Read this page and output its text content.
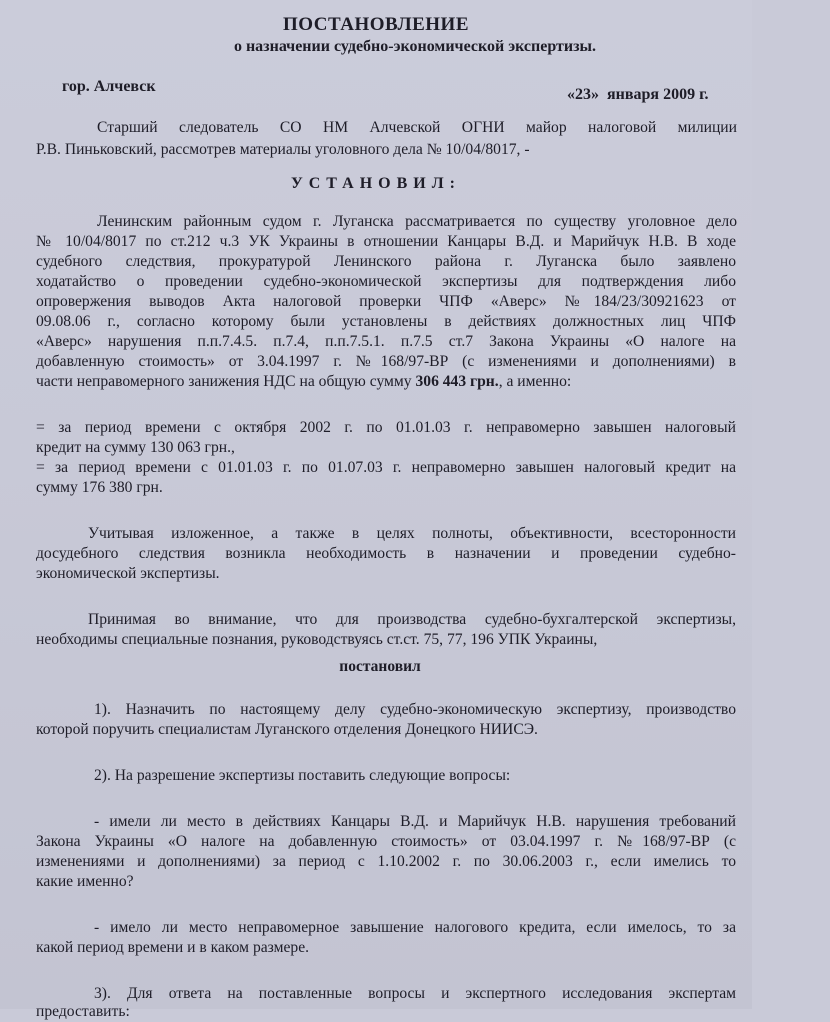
ПОСТАНОВЛЕНИЕ
о назначении судебно-экономической экспертизы.
гор. Алчевск	«23» января 2009 г.
Старший следователь СО НМ Алчевской ОГНИ майор налоговой милиции
Р.В. Пиньковский, рассмотрев материалы уголовного дела № 10/04/8017, -
УСТАНОВИЛ:
Ленинским районным судом г. Луганска рассматривается по существу уголовное дело
№ 10/04/8017 по ст.212 ч.3 УК Украины в отношении Канцары В.Д. и Марийчук Н.В. В ходе
судебного следствия, прокуратурой Ленинского района г. Луганска было заявлено
ходатайство о проведении судебно-экономической экспертизы для подтверждения либо
опровержения выводов Акта налоговой проверки ЧПФ «Аверс» №184/23/30921623 от
09.08.06 г., согласно которому были установлены в действиях должностных лиц ЧПФ
«Аверс» нарушения п.п.7.4.5. п.7.4, п.п.7.5.1. п.7.5 ст.7 Закона Украины «О налоге на
добавленную стоимость» от 3.04.1997 г. №168/97-ВР (с изменениями и дополнениями) в
части неправомерного занижения НДС на общую сумму 306 443 грн., а именно:
= за период времени с октября 2002 г. по 01.01.03 г. неправомерно завышен налоговый
кредит на сумму 130 063 грн.,
= за период времени с 01.01.03 г. по 01.07.03 г. неправомерно завышен налоговый кредит на
сумму 176 380 грн.
Учитывая изложенное, а также в целях полноты, объективности, всесторонности
досудебного следствия возникла необходимость в назначении и проведении судебно-
экономической экспертизы.
Принимая во внимание, что для производства судебно-бухгалтерской экспертизы,
необходимы специальные познания, руководствуясь ст.ст. 75, 77, 196 УПК Украины,
постановил
1). Назначить по настоящему делу судебно-экономическую экспертизу, производство
которой поручить специалистам Луганского отделения Донецкого НИИСЭ.
2). На разрешение экспертизы поставить следующие вопросы:
- имели ли место в действиях Канцары В.Д. и Марийчук Н.В. нарушения требований
Закона Украины «О налоге на добавленную стоимость» от 03.04.1997 г. №168/97-ВР (с
изменениями и дополнениями) за период с 1.10.2002 г. по 30.06.2003 г., если имелись то
какие именно?
- имело ли место неправомерное завышение налогового кредита, если имелось, то за
какой период времени и в каком размере.
3). Для ответа на поставленные вопросы и экспертного исследования экспертам
предоставить:
